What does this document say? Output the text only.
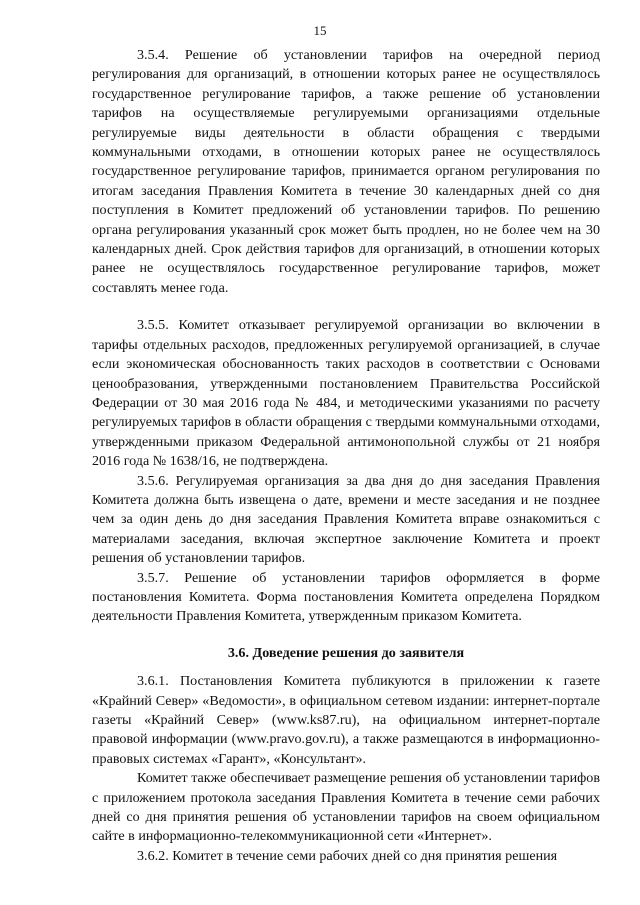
15

3.5.4. Решение об установлении тарифов на очередной период регулирования для организаций, в отношении которых ранее не осуществлялось государственное регулирование тарифов, а также решение об установлении тарифов на осуществляемые регулируемыми организациями отдельные регулируемые виды деятельности в области обращения с твердыми коммунальными отходами, в отношении которых ранее не осуществлялось государственное регулирование тарифов, принимается органом регулирования по итогам заседания Правления Комитета в течение 30 календарных дней со дня поступления в Комитет предложений об установлении тарифов. По решению органа регулирования указанный срок может быть продлен, но не более чем на 30 календарных дней. Срок действия тарифов для организаций, в отношении которых ранее не осуществлялось государственное регулирование тарифов, может составлять менее года.

3.5.5. Комитет отказывает регулируемой организации во включении в тарифы отдельных расходов, предложенных регулируемой организацией, в случае если экономическая обоснованность таких расходов в соответствии с Основами ценообразования, утвержденными постановлением Правительства Российской Федерации от 30 мая 2016 года № 484, и методическими указаниями по расчету регулируемых тарифов в области обращения с твердыми коммунальными отходами, утвержденными приказом Федеральной антимонопольной службы от 21 ноября 2016 года № 1638/16, не подтверждена.

3.5.6. Регулируемая организация за два дня до дня заседания Правления Комитета должна быть извещена о дате, времени и месте заседания и не позднее чем за один день до дня заседания Правления Комитета вправе ознакомиться с материалами заседания, включая экспертное заключение Комитета и проект решения об установлении тарифов.

3.5.7. Решение об установлении тарифов оформляется в форме постановления Комитета. Форма постановления Комитета определена Порядком деятельности Правления Комитета, утвержденным приказом Комитета.

3.6. Доведение решения до заявителя

3.6.1. Постановления Комитета публикуются в приложении к газете «Крайний Север» «Ведомости», в официальном сетевом издании: интернет-портале газеты «Крайний Север» (www.ks87.ru), на официальном интернет-портале правовой информации (www.pravo.gov.ru), а также размещаются в информационно-правовых системах «Гарант», «Консультант».

Комитет также обеспечивает размещение решения об установлении тарифов с приложением протокола заседания Правления Комитета в течение семи рабочих дней со дня принятия решения об установлении тарифов на своем официальном сайте в информационно-телекоммуникационной сети «Интернет».

3.6.2. Комитет в течение семи рабочих дней со дня принятия решения
